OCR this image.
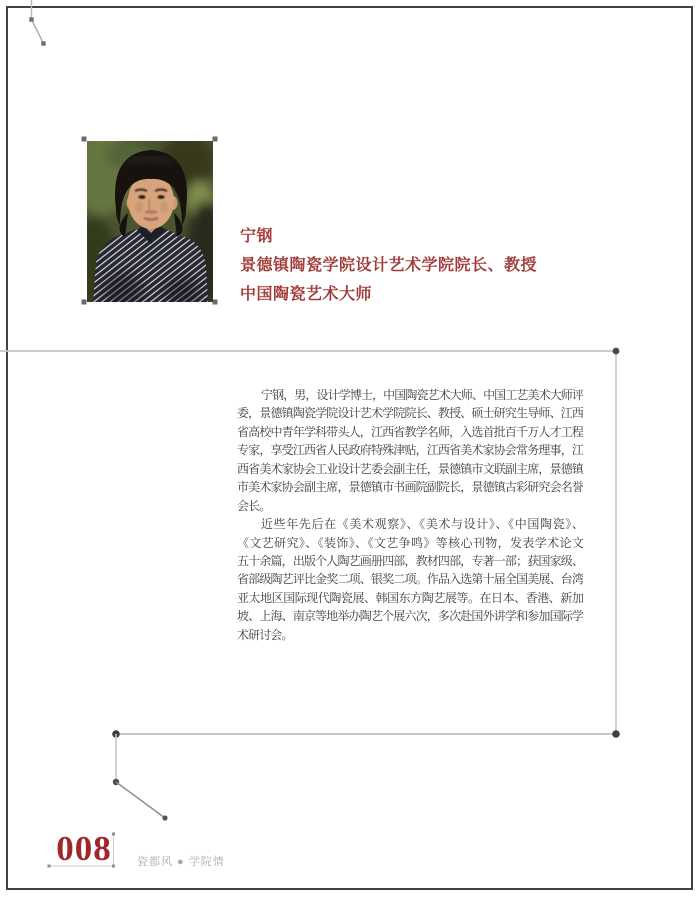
宁钢
景德镇陶瓷学院设计艺术学院院长、教授
中国陶瓷艺术大师
宁钢，男，设计学博士，中国陶瓷艺术大师、中国工艺美术大师评
委，景德镇陶瓷学院设计艺术学院院长、教授、硕士研究生导师、江西
省高校中青年学科带头人，江西省教学名师，入选首批百千万人才工程
专家，享受江西省人民政府特殊津贴，江西省美术家协会常务理事，江
西省美术家协会工业设计艺委会副主任，景德镇市文联副主席，景德镇
市美术家协会副主席，景德镇市书画院副院长，景德镇古彩研究会名誉
会长。
近些年先后在《美术观察》、《美术与设计》、《中国陶瓷》、
《文艺研究》、《装饰》、《文艺争鸣》等核心刊物，发表学术论文
五十余篇，出版个人陶艺画册四部，教材四部，专著一部；获国家级、
省部级陶艺评比金奖二项、银奖二项。作品入选第十届全国美展、台湾
亚太地区国际现代陶瓷展、韩国东方陶艺展等。在日本、香港、新加
坡、上海、南京等地举办陶艺个展六次，多次赴国外讲学和参加国际学
术研讨会。
008 瓷都风 ● 学院情
